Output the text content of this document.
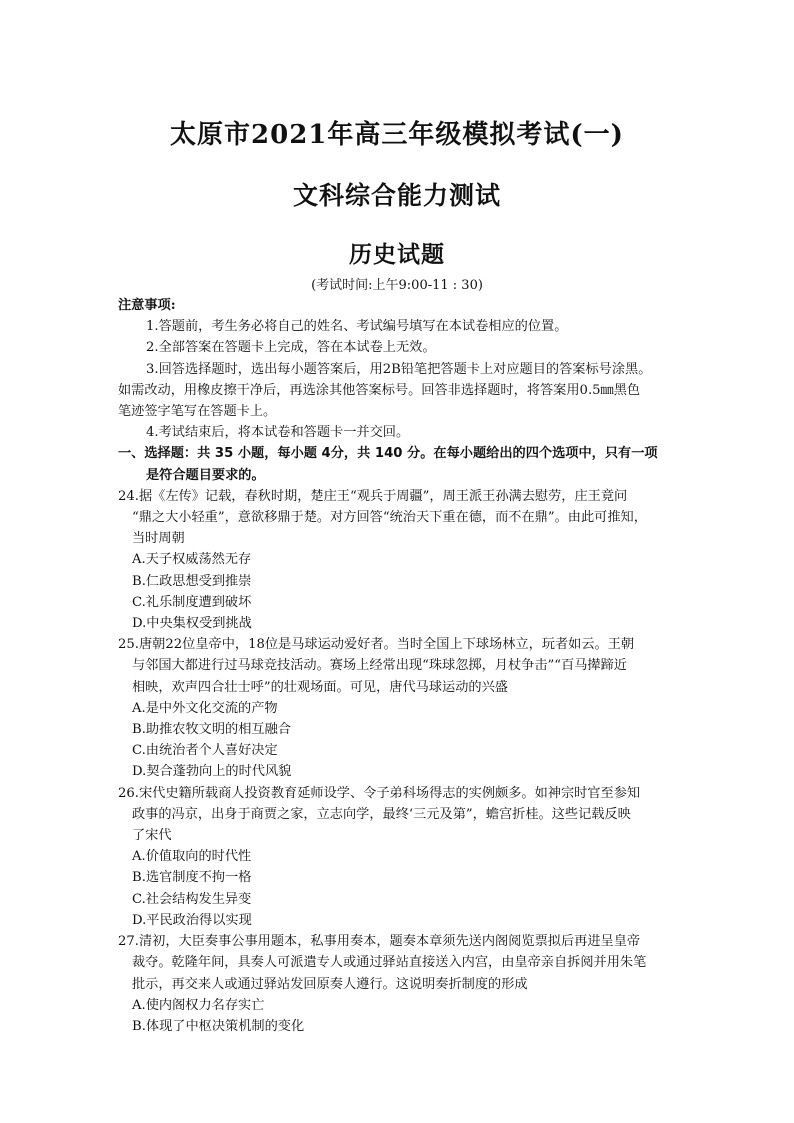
太原市2021年高三年级模拟考试(一)
文科综合能力测试
历史试题
(考试时间:上午9:00-11 : 30)
注意事项:
1.答题前，考生务必将自己的姓名、考试编号填写在本试卷相应的位置。
2.全部答案在答题卡上完成，答在本试卷上无效。
3.回答选择题时，选出每小题答案后，用2B铅笔把答题卡上对应题目的答案标号涂黑。
如需改动，用橡皮擦干净后，再选涂其他答案标号。回答非选择题时，将答案用0.5㎜黑色
笔迹签字笔写在答题卡上。
4.考试结束后，将本试卷和答题卡一并交回。
一、选择题：共 35 小题，每小题 4分，共 140 分。在每小题给出的四个选项中，只有一项
是符合题目要求的。
24.据《左传》记载，春秋时期，楚庄王“观兵于周疆”，周王派王孙满去慰劳，庄王竟问
“鼎之大小轻重”，意欲移鼎于楚。对方回答“统治天下重在德，而不在鼎”。由此可推知，
当时周朝
A.天子权威荡然无存
B.仁政思想受到推崇
C.礼乐制度遭到破坏
D.中央集权受到挑战
25.唐朝22位皇帝中，18位是马球运动爱好者。当时全国上下球场林立，玩者如云。王朝
与邻国大都进行过马球竞技活动。赛场上经常出现“珠球忽掷，月杖争击”“百马撵蹄近
相映，欢声四合壮士呼”的壮观场面。可见，唐代马球运动的兴盛
A.是中外文化交流的产物
B.助推农牧文明的相互融合
C.由统治者个人喜好决定
D.契合蓬勃向上的时代风貌
26.宋代史籍所载商人投资教育延师设学、令子弟科场得志的实例颇多。如神宗时官至参知
政事的冯京，出身于商贾之家，立志向学，最终‘三元及第”，蟾宫折桂。这些记载反映
了宋代
A.价值取向的时代性
B.选官制度不拘一格
C.社会结构发生异变
D.平民政治得以实现
27.清初，大臣奏事公事用题本，私事用奏本，题奏本章须先送内阁阅览票拟后再进呈皇帝
裁夺。乾隆年间，具奏人可派遣专人或通过驿站直接送入内宫，由皇帝亲自拆阅并用朱笔
批示，再交来人或通过驿站发回原奏人遵行。这说明奏折制度的形成
A.使内阁权力名存实亡
B.体现了中枢决策机制的变化
